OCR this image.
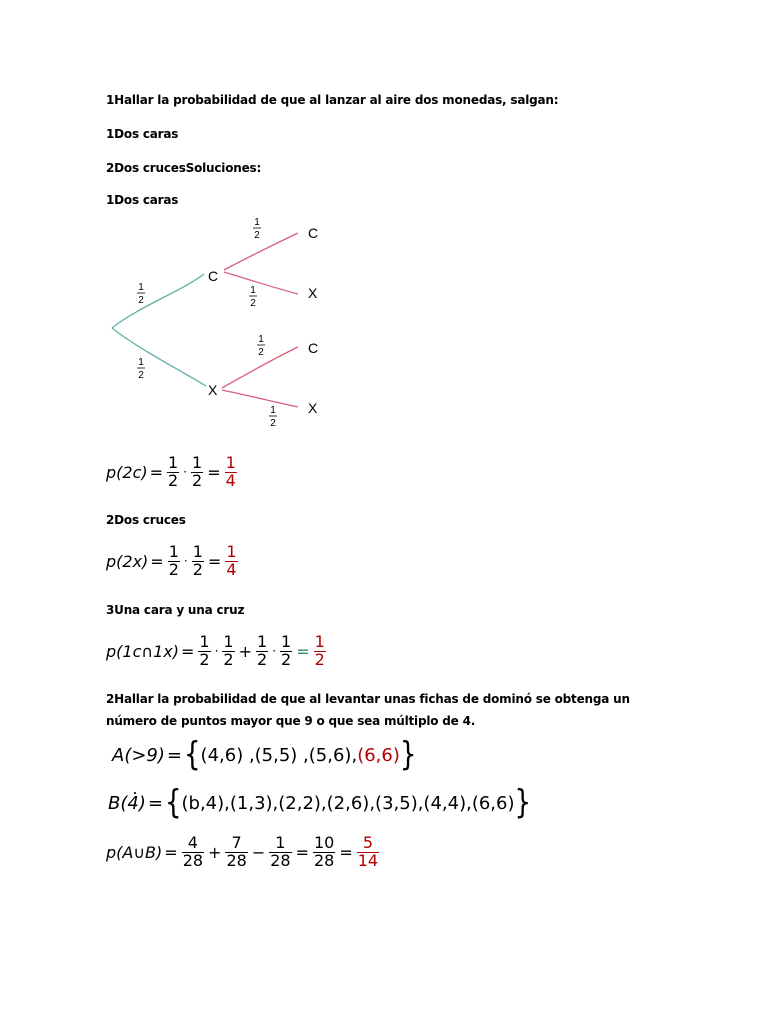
1Hallar la probabilidad de que al lanzar al aire dos monedas, salgan:
1Dos caras
2Dos crucesSoluciones:
1Dos caras
C
X
C
X
C
X
1
2
1
2
1
2
1
2
1
2
1
2
$p(2c) = \frac{1}{2} \cdot \frac{1}{2} = \frac{1}{4}$
2Dos cruces
$p(2x) = \frac{1}{2} \cdot \frac{1}{2} = \frac{1}{4}$
3Una cara y una cruz
p(1c∩1x) = $\frac{1}{2} \cdot \frac{1}{2} + \frac{1}{2} \cdot \frac{1}{2} = \frac{1}{2}$
2Hallar la probabilidad de que al levantar unas fichas de dominó se obtenga un número de puntos mayor que 9 o que sea múltiplo de 4.
A(>9) = { (4,6) ,(5,5) ,(5,6) , (6,6) }
B(4̇) = { (b,4),(1,3),(2,2),(2,6),(3,5),(4,4),(6,6) }
p(A∪B) = $\frac{4}{28} + \frac{7}{28} - \frac{1}{28} = \frac{10}{28} = \frac{5}{14}$
